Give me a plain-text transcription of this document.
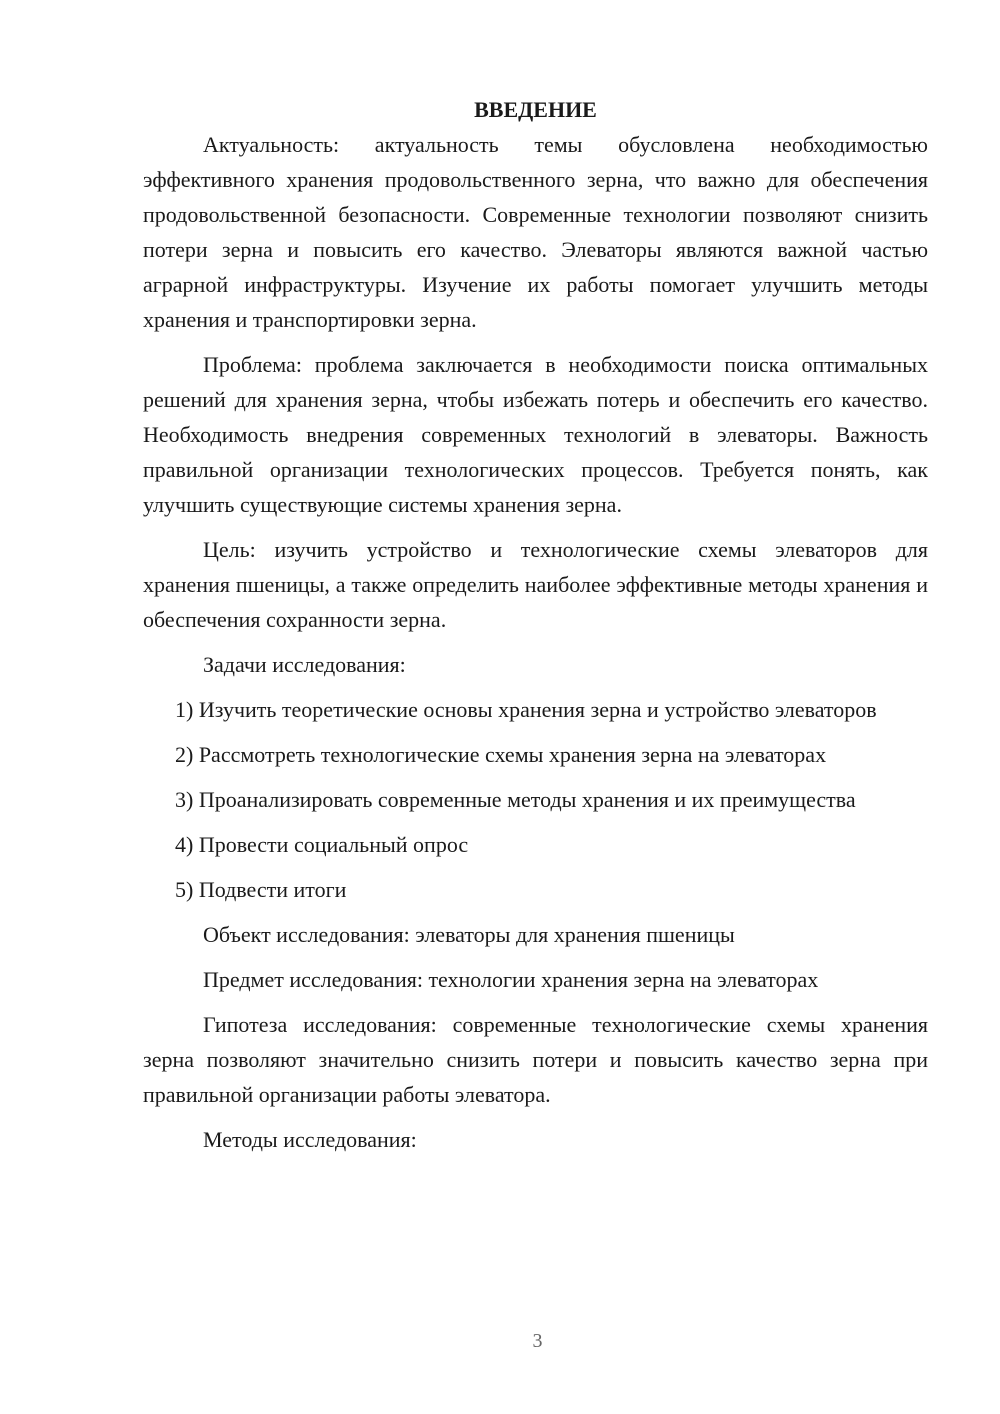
ВВЕДЕНИЕ

Актуальность: актуальность темы обусловлена необходимостью эффективного хранения продовольственного зерна, что важно для обеспечения продовольственной безопасности. Современные технологии позволяют снизить потери зерна и повысить его качество. Элеваторы являются важной частью аграрной инфраструктуры. Изучение их работы помогает улучшить методы хранения и транспортировки зерна.

Проблема: проблема заключается в необходимости поиска оптимальных решений для хранения зерна, чтобы избежать потерь и обеспечить его качество. Необходимость внедрения современных технологий в элеваторы. Важность правильной организации технологических процессов. Требуется понять, как улучшить существующие системы хранения зерна.

Цель: изучить устройство и технологические схемы элеваторов для хранения пшеницы, а также определить наиболее эффективные методы хранения и обеспечения сохранности зерна.

Задачи исследования:

1) Изучить теоретические основы хранения зерна и устройство элеваторов

2) Рассмотреть технологические схемы хранения зерна на элеваторах

3) Проанализировать современные методы хранения и их преимущества

4) Провести социальный опрос

5) Подвести итоги

Объект исследования: элеваторы для хранения пшеницы

Предмет исследования: технологии хранения зерна на элеваторах

Гипотеза исследования: современные технологические схемы хранения зерна позволяют значительно снизить потери и повысить качество зерна при правильной организации работы элеватора.

Методы исследования:

3
